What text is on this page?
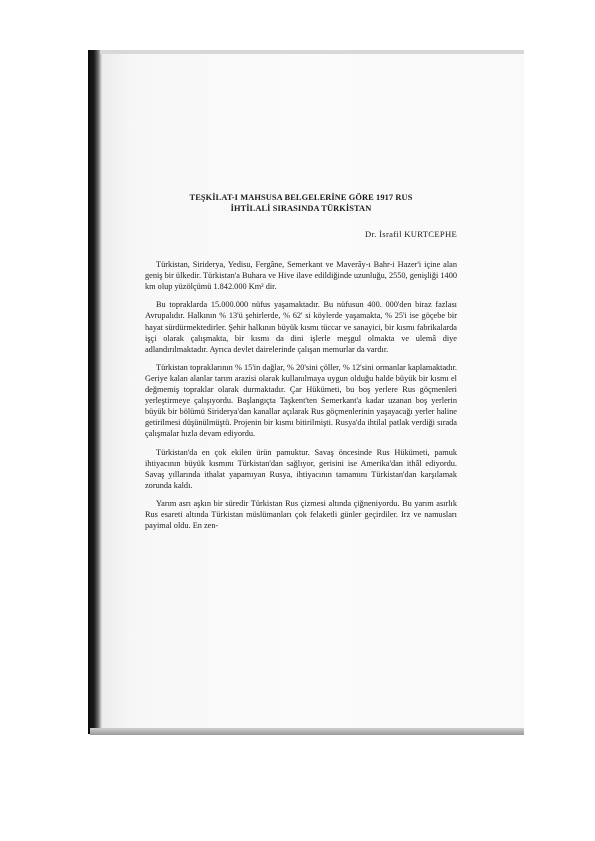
TEŞKİLAT-I MAHSUSA BELGELERİNE GÖRE 1917 RUS
İHTİLALİ SIRASINDA TÜRKİSTAN
Dr. İsrafil KURTCEPHE

Türkistan, Siriderya, Yedisu, Fergâne, Semerkant ve Maverây-ı Bahr-i Hazer'i içine alan geniş bir ülkedir. Türkistan'a Buhara ve Hive ilave edildiğinde uzunluğu, 2550, genişliği 1400 km olup yüzölçümü 1.842.000 Km² dir.

Bu topraklarda 15.000.000 nüfus yaşamaktadır. Bu nüfusun 400. 000'den biraz fazlası Avrupalıdır. Halkının % 13'ü şehirlerde, % 62' si köylerde yaşamakta, % 25'i ise göçebe bir hayat sürdürmektedirler. Şehir halkının büyük kısmı tüccar ve sanayici, bir kısmı fabrikalarda işçi olarak çalışmakta, bir kısmı da dini işlerle meşgul olmakta ve ulemâ diye adlandırılmaktadır. Ayrıca devlet dairelerinde çalışan memurlar da vardır.

Türkistan topraklarının % 15'in dağlar, % 20'sini çöller, % 12'sini ormanlar kaplamaktadır. Geriye kalan alanlar tarım arazisi olarak kullanılmaya uygun olduğu halde büyük bir kısmı el değmemiş topraklar olarak durmaktadır. Çar Hükümeti, bu boş yerlere Rus göçmenleri yerleştirmeye çalışıyordu. Başlangıçta Taşkent'ten Semerkant'a kadar uzanan boş yerlerin büyük bir bölümü Siriderya'dan kanallar açılarak Rus göçmenlerinin yaşayacağı yerler haline getirilmesi düşünülmüştü. Projenin bir kısmı bitirilmişti. Rusya'da ihtilal patlak verdiği sırada çalışmalar hızla devam ediyordu.

Türkistan'da en çok ekilen ürün pamuktur. Savaş öncesinde Rus Hükümeti, pamuk ihtiyacının büyük kısmını Türkistan'dan sağlıyor, gerisini ise Amerika'dan ithâl ediyordu. Savaş yıllarında ithalat yapamıyan Rusya, ihtiyacının tamamını Türkistan'dan karşılamak zorunda kaldı.

Yarım asrı aşkın bir süredir Türkistan Rus çizmesi altında çiğneniyordu. Bu yarım asırlık Rus esareti altında Türkistan müslümanları çok felaketli günler geçirdiler. Irz ve namusları payimal oldu. En zen-
